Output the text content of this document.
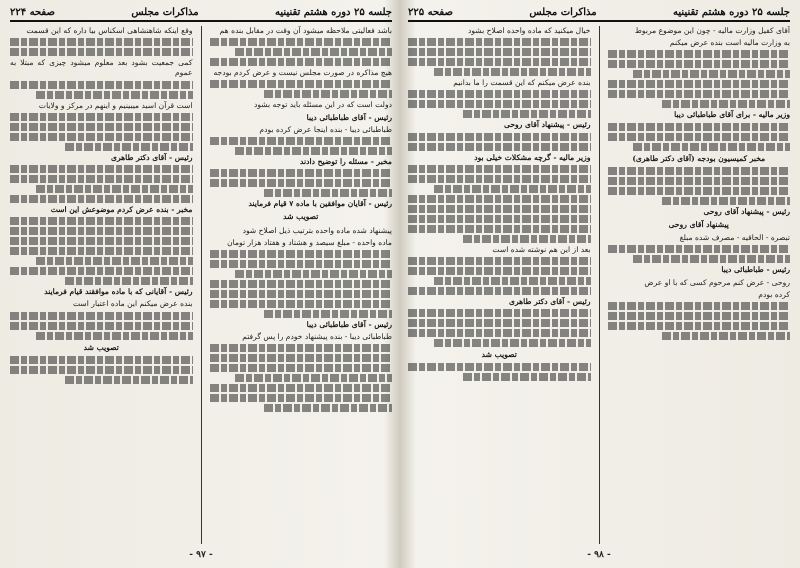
جلسه ۲۵ دوره هشتم تقنینیه
مذاکرات مجلس
صفحه ۲۲۴

باشد فعالیتی ملاحظه میشود آن وقت در مقابل بنده هم

هیچ مذاکره در صورت مجلس نیست و عرض کردم بودجه

دولت است که در این مسئله باید توجه بشود

رئیس - آقای طباطبائی دیبا

طباطبائی دیبا - بنده اینجا عرض کرده بودم

مخبر - مسئله را توضیح دادند

رئیس - آقایان موافقین با ماده ۷ قیام فرمایند

تصویب شد

پیشنهاد شده ماده واحده بترتیب ذیل اصلاح شود

ماده واحده - مبلغ سیصد و هشتاد و هفتاد هزار تومان

رئیس - آقای طباطبائی دیبا

طباطبائی دیبا - بنده پیشنهاد خودم را پس گرفتم

وقع اینکه شاهنشاهی اسکناس بیا داره که این قسمت

کمی جمعیت بشود بعد معلوم میشود چیزی که مبتلا به عموم

است قرآن اسید میبینیم و اینهم در مرکز و ولایات

رئیس - آقای دکتر طاهری

مخبر - بنده عرض کردم موضوعش این است

رئیس - آقایانی که با ماده موافقند قیام فرمایند

بنده عرض میکنم این ماده اعتبار است

تصویب شد

- ۹۷ -
جلسه ۲۵ دوره هشتم تقنینیه
مذاکرات مجلس
صفحه ۲۲۵

آقای کفیل وزارت مالیه - چون این موضوع مربوط

به وزارت مالیه است بنده عرض میکنم

وزیر مالیه - برای آقای طباطبائی دیبا

مخبر کمیسیون بودجه (آقای دکتر طاهری)

رئیس - پیشنهاد آقای روحی

پیشنهاد آقای روحی

تبصره - الحاقیه - مصرف شده مبلغ

رئیس - طباطبائی دیبا

روحی - عرض کنم مرحوم کسی که با او عرض

کرده بودم

خیال میکنید که ماده واحده اصلاح بشود

بنده عرض میکنم که این قسمت را ما بدانیم

رئیس - پیشنهاد آقای روحی

وزیر مالیه - گرچه مشکلات خیلی بود

بعد از این هم نوشته شده است

رئیس - آقای دکتر طاهری

تصویب شد

- ۹۸ -
